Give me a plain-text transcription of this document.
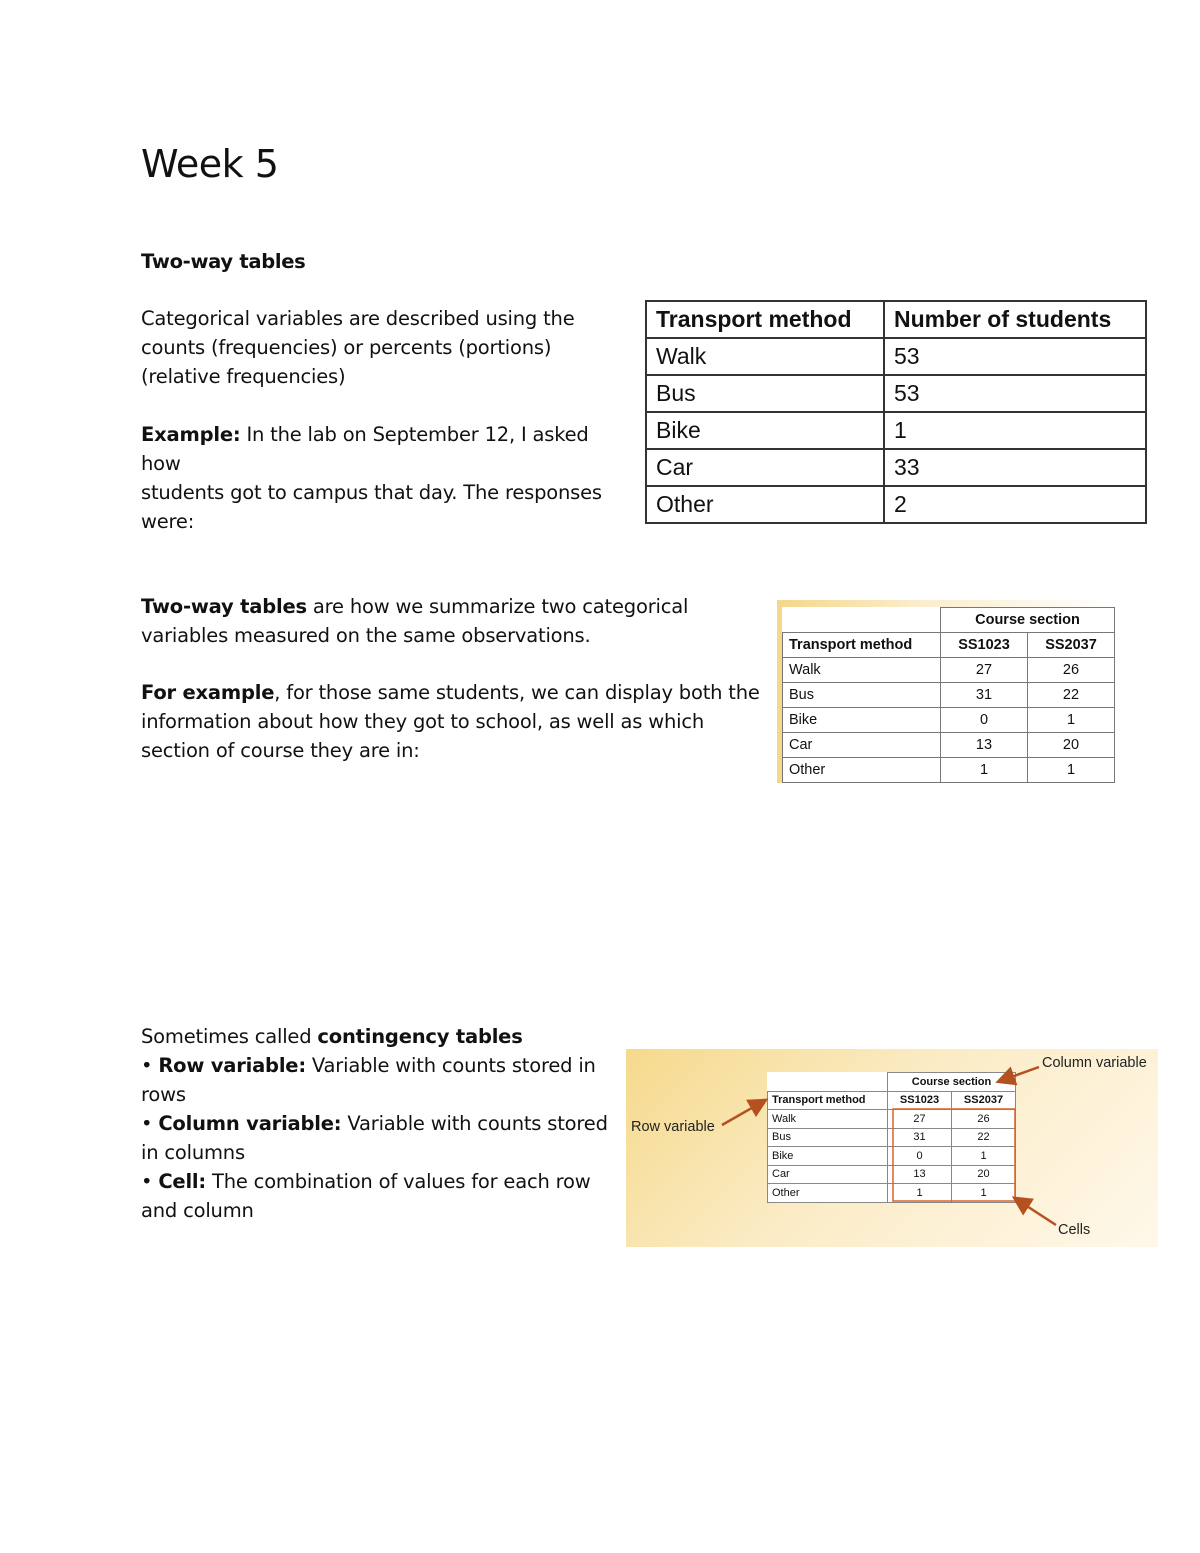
Week 5
Two-way tables
Categorical variables are described using the
counts (frequencies) or percents (portions)
(relative frequencies)
Example: In the lab on September 12, I asked how
students got to campus that day. The responses
were:
Transport method	Number of students
Walk	53
Bus	53
Bike	1
Car	33
Other	2
Two-way tables are how we summarize two categorical
variables measured on the same observations.
For example, for those same students, we can display both the
information about how they got to school, as well as which
section of course they are in:
	Course section	
Transport method	SS1023	SS2037
Walk	27	26
Bus	31	22
Bike	0	1
Car	13	20
Other	1	1
Sometimes called contingency tables
• Row variable: Variable with counts stored in
rows
• Column variable: Variable with counts stored
in columns
• Cell: The combination of values for each row
and column
	Course section	
Transport method	SS1023	SS2037
Walk	27	26
Bus	31	22
Bike	0	1
Car	13	20
Other	1	1
Row variable
Column variable
Cells
